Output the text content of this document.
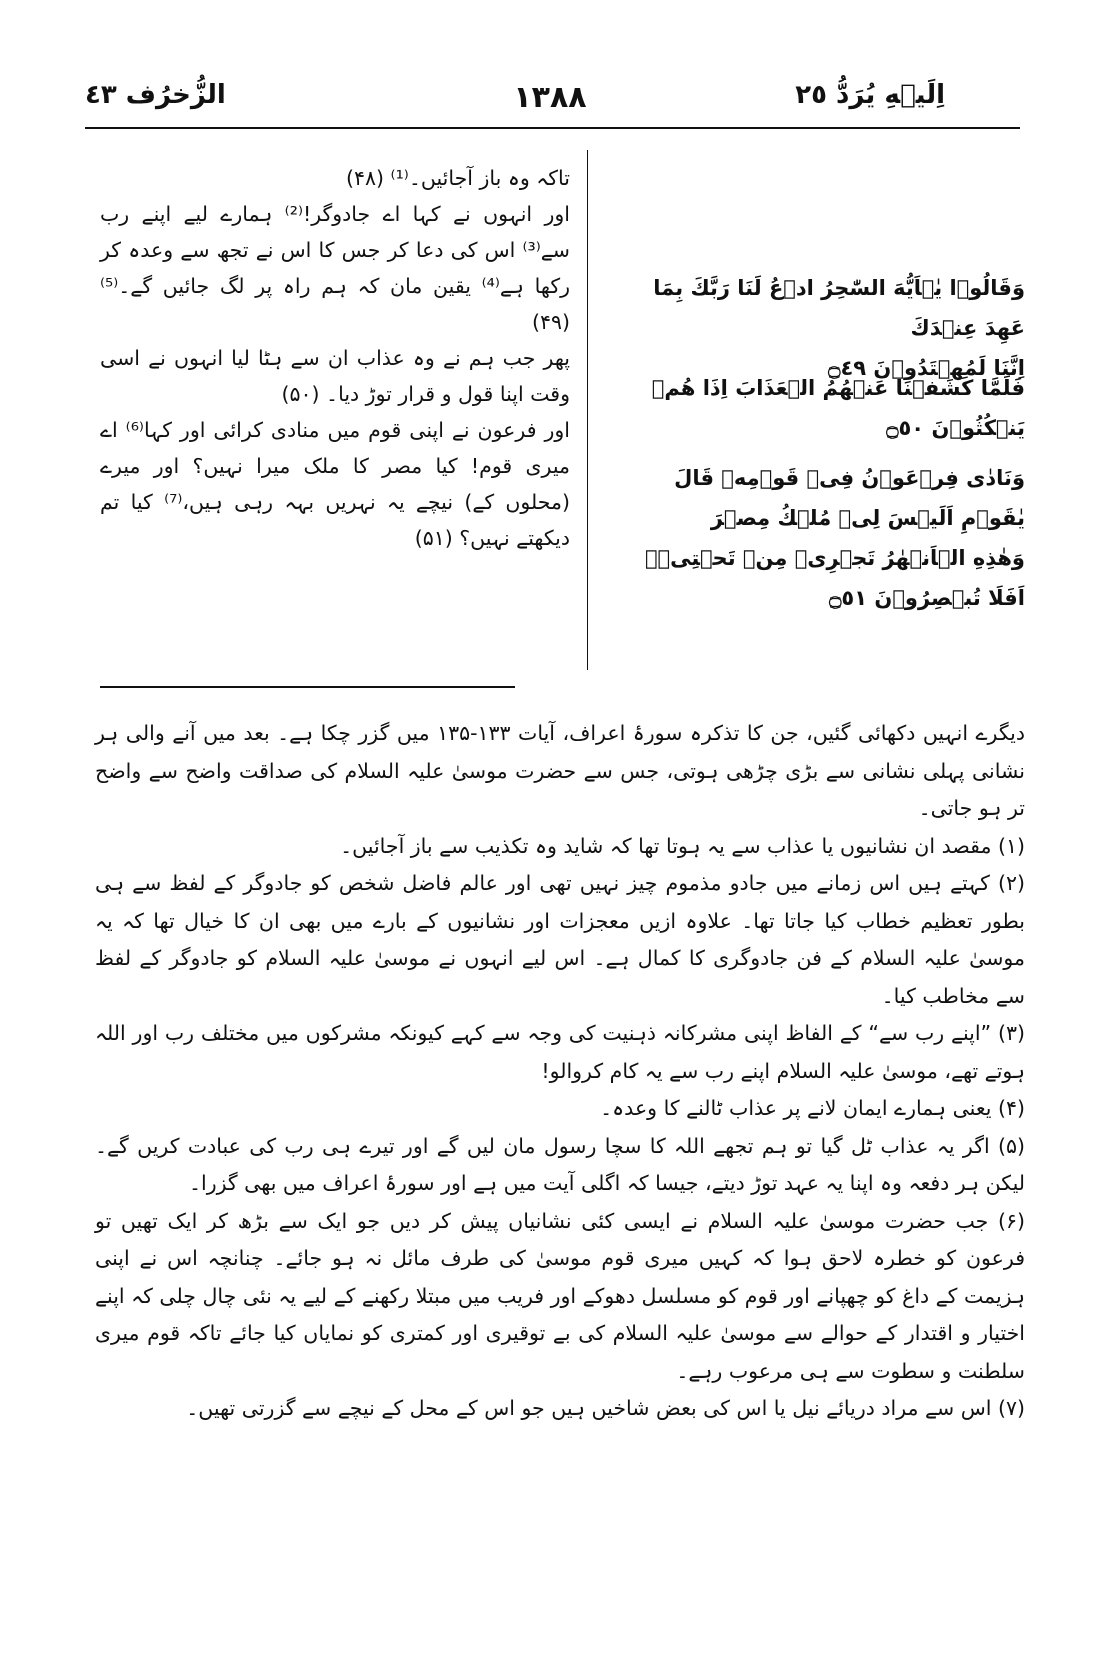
اِلَيۡهِ يُرَدُّ ٢٥
١٣٨٨
الزُّخرُف ٤٣

وَقَالُوۡا يٰۤاَيُّهَ السّٰحِرُ ادۡعُ لَنَا رَبَّكَ بِمَا عَهِدَ عِنۡدَكَ

اِنَّنَا لَمُهۡتَدُوۡنَ ۝٤٩

فَلَمَّا كَشَفۡنَا عَنۡهُمُ الۡعَذَابَ اِذَا هُمۡ يَنۡكُثُوۡنَ ۝٥٠

وَنَادٰى فِرۡعَوۡنُ فِىۡ قَوۡمِهٖ قَالَ يٰقَوۡمِ اَلَيۡسَ لِىۡ مُلۡكُ مِصۡرَ

وَهٰذِهِ الۡاَنۡهٰرُ تَجۡرِىۡ مِنۡ تَحۡتِىۡ‌ۚ اَفَلَا تُبۡصِرُوۡنَ ۝٥١

تاکہ وہ باز آجائیں۔⁽¹⁾ (۴۸)

اور انہوں نے کہا اے جادوگر!⁽²⁾ ہمارے لیے اپنے رب سے⁽³⁾ اس کی دعا کر جس کا اس نے تجھ سے وعدہ کر رکھا ہے⁽⁴⁾ یقین مان کہ ہم راہ پر لگ جائیں گے۔⁽⁵⁾ (۴۹)

پھر جب ہم نے وہ عذاب ان سے ہٹا لیا انہوں نے اسی وقت اپنا قول و قرار توڑ دیا۔ (۵۰)

اور فرعون نے اپنی قوم میں منادی کرائی اور کہا⁽⁶⁾ اے میری قوم! کیا مصر کا ملک میرا نہیں؟ اور میرے (محلوں کے) نیچے یہ نہریں بہہ رہی ہیں،⁽⁷⁾ کیا تم دیکھتے نہیں؟ (۵۱)

دیگرے انہیں دکھائی گئیں، جن کا تذکرہ سورۂ اعراف، آیات ۱۳۳-۱۳۵ میں گزر چکا ہے۔ بعد میں آنے والی ہر نشانی پہلی نشانی سے بڑی چڑھی ہوتی، جس سے حضرت موسیٰ علیہ السلام کی صداقت واضح سے واضح تر ہو جاتی۔

(۱) مقصد ان نشانیوں یا عذاب سے یہ ہوتا تھا کہ شاید وہ تکذیب سے باز آجائیں۔

(۲) کہتے ہیں اس زمانے میں جادو مذموم چیز نہیں تھی اور عالم فاضل شخص کو جادوگر کے لفظ سے ہی بطور تعظیم خطاب کیا جاتا تھا۔ علاوہ ازیں معجزات اور نشانیوں کے بارے میں بھی ان کا خیال تھا کہ یہ موسیٰ علیہ السلام کے فن جادوگری کا کمال ہے۔ اس لیے انہوں نے موسیٰ علیہ السلام کو جادوگر کے لفظ سے مخاطب کیا۔

(۳) ”اپنے رب سے“ کے الفاظ اپنی مشرکانہ ذہنیت کی وجہ سے کہے کیونکہ مشرکوں میں مختلف رب اور اللہ ہوتے تھے، موسیٰ علیہ السلام اپنے رب سے یہ کام کروالو!

(۴) یعنی ہمارے ایمان لانے پر عذاب ٹالنے کا وعدہ۔

(۵) اگر یہ عذاب ٹل گیا تو ہم تجھے اللہ کا سچا رسول مان لیں گے اور تیرے ہی رب کی عبادت کریں گے۔ لیکن ہر دفعہ وہ اپنا یہ عہد توڑ دیتے، جیسا کہ اگلی آیت میں ہے اور سورۂ اعراف میں بھی گزرا۔

(۶) جب حضرت موسیٰ علیہ السلام نے ایسی کئی نشانیاں پیش کر دیں جو ایک سے بڑھ کر ایک تھیں تو فرعون کو خطرہ لاحق ہوا کہ کہیں میری قوم موسیٰ کی طرف مائل نہ ہو جائے۔ چنانچہ اس نے اپنی ہزیمت کے داغ کو چھپانے اور قوم کو مسلسل دھوکے اور فریب میں مبتلا رکھنے کے لیے یہ نئی چال چلی کہ اپنے اختیار و اقتدار کے حوالے سے موسیٰ علیہ السلام کی بے توقیری اور کمتری کو نمایاں کیا جائے تاکہ قوم میری سلطنت و سطوت سے ہی مرعوب رہے۔

(۷) اس سے مراد دریائے نیل یا اس کی بعض شاخیں ہیں جو اس کے محل کے نیچے سے گزرتی تھیں۔
